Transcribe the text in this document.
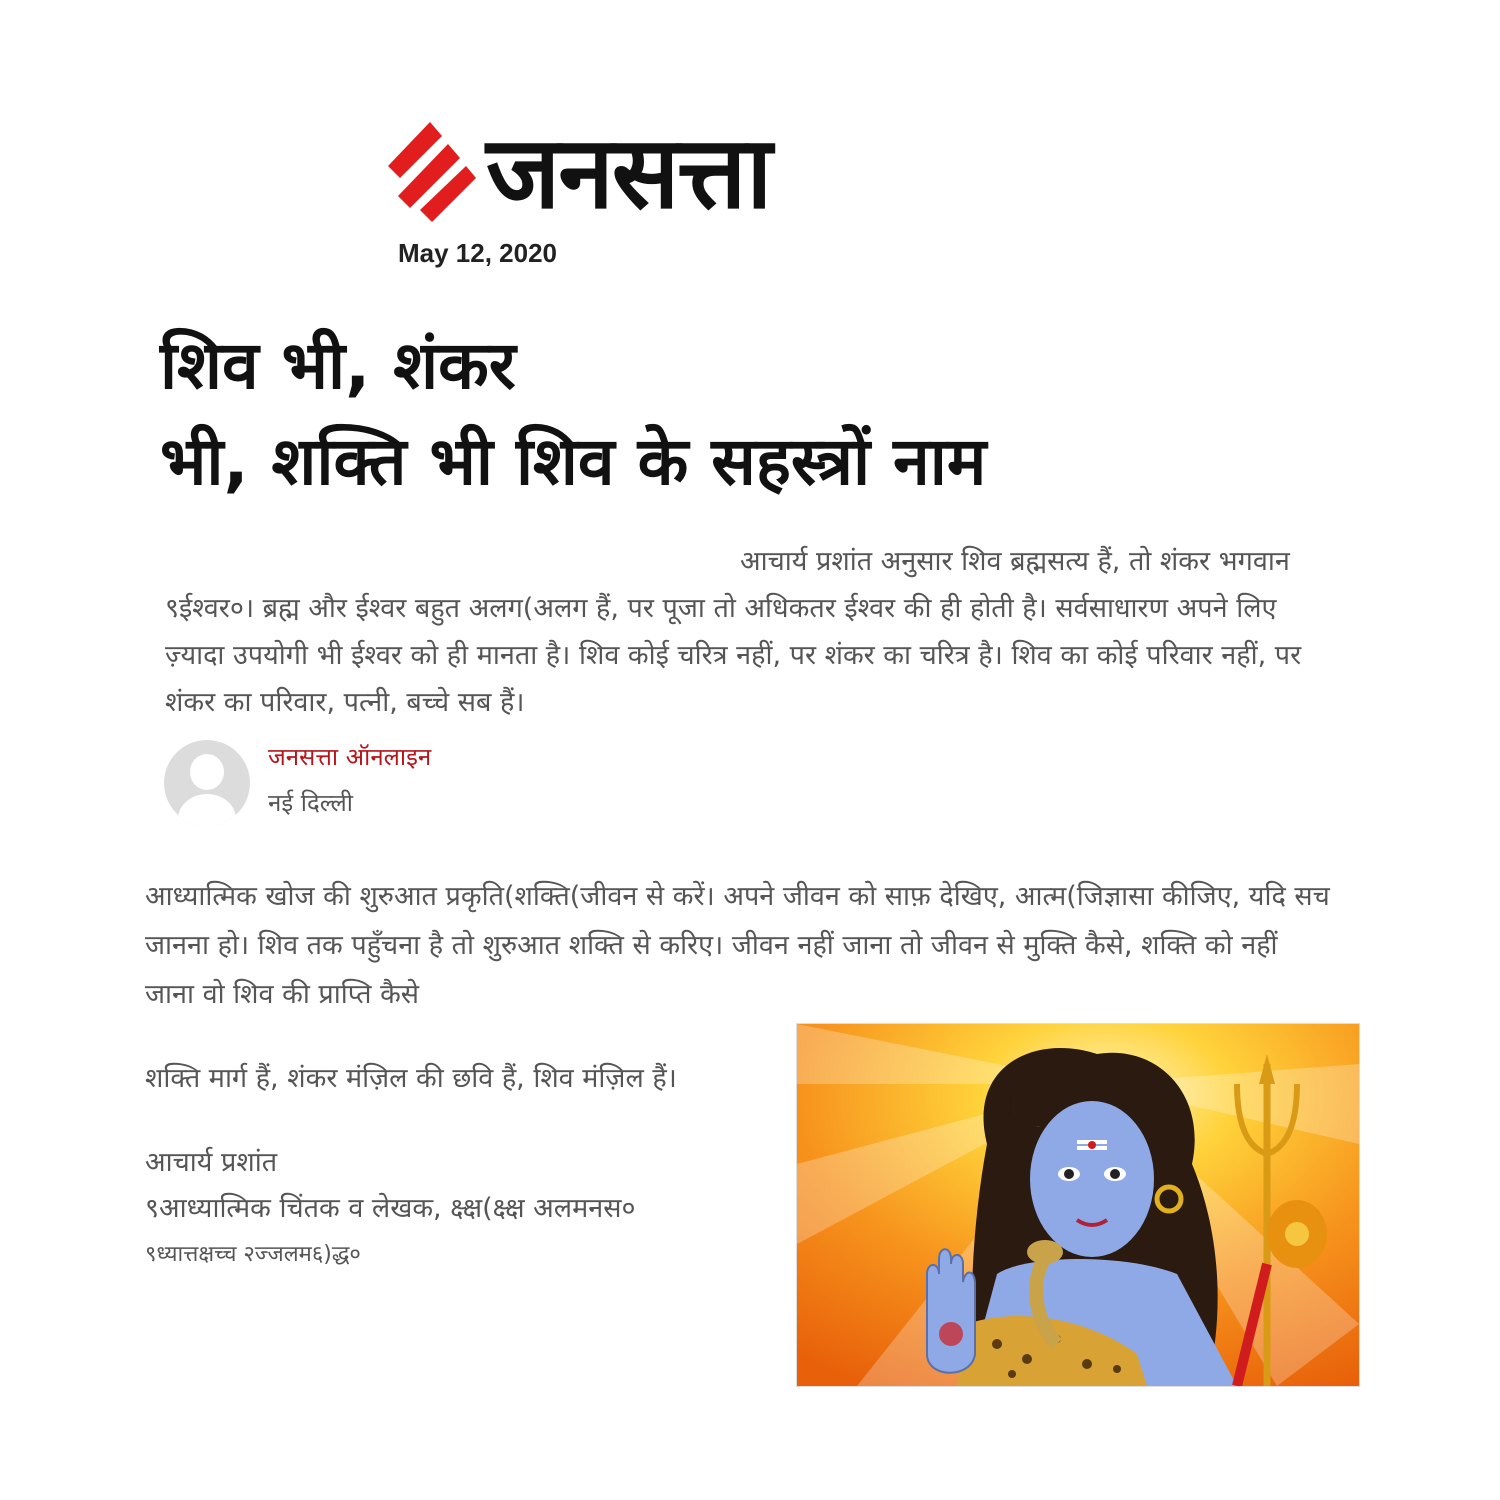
जनसत्ता
May 12, 2020
शिव भी, शंकर
भी, शक्ति भी शिव के सहस्त्रों नाम

आचार्य प्रशांत अनुसार शिव ब्रह्मसत्य हैं, तो शंकर भगवान ९ईश्वर०। ब्रह्म और ईश्वर बहुत अलग(अलग हैं, पर पूजा तो अधिकतर ईश्वर की ही होती है। सर्वसाधारण अपने लिए ज़्यादा उपयोगी भी ईश्वर को ही मानता है। शिव कोई चरित्र नहीं, पर शंकर का चरित्र है। शिव का कोई परिवार नहीं, पर शंकर का परिवार, पत्नी, बच्चे सब हैं।

जनसत्ता ऑनलाइन
नई दिल्ली

आध्यात्मिक खोज की शुरुआत प्रकृति(शक्ति(जीवन से करें। अपने जीवन को साफ़ देखिए, आत्म(जिज्ञासा कीजिए, यदि सच जानना हो। शिव तक पहुँचना है तो शुरुआत शक्ति से करिए। जीवन नहीं जाना तो जीवन से मुक्ति कैसे, शक्ति को नहीं जाना वो शिव की प्राप्ति कैसे

शक्ति मार्ग हैं, शंकर मंज़िल की छवि हैं, शिव मंज़िल हैं।

आचार्य प्रशांत
९आध्यात्मिक चिंतक व लेखक, क्ष्क्ष(क्ष्क्ष अलमनस०
९ध्यात्तक्षच्च २ज्जलम६)द्ध०
